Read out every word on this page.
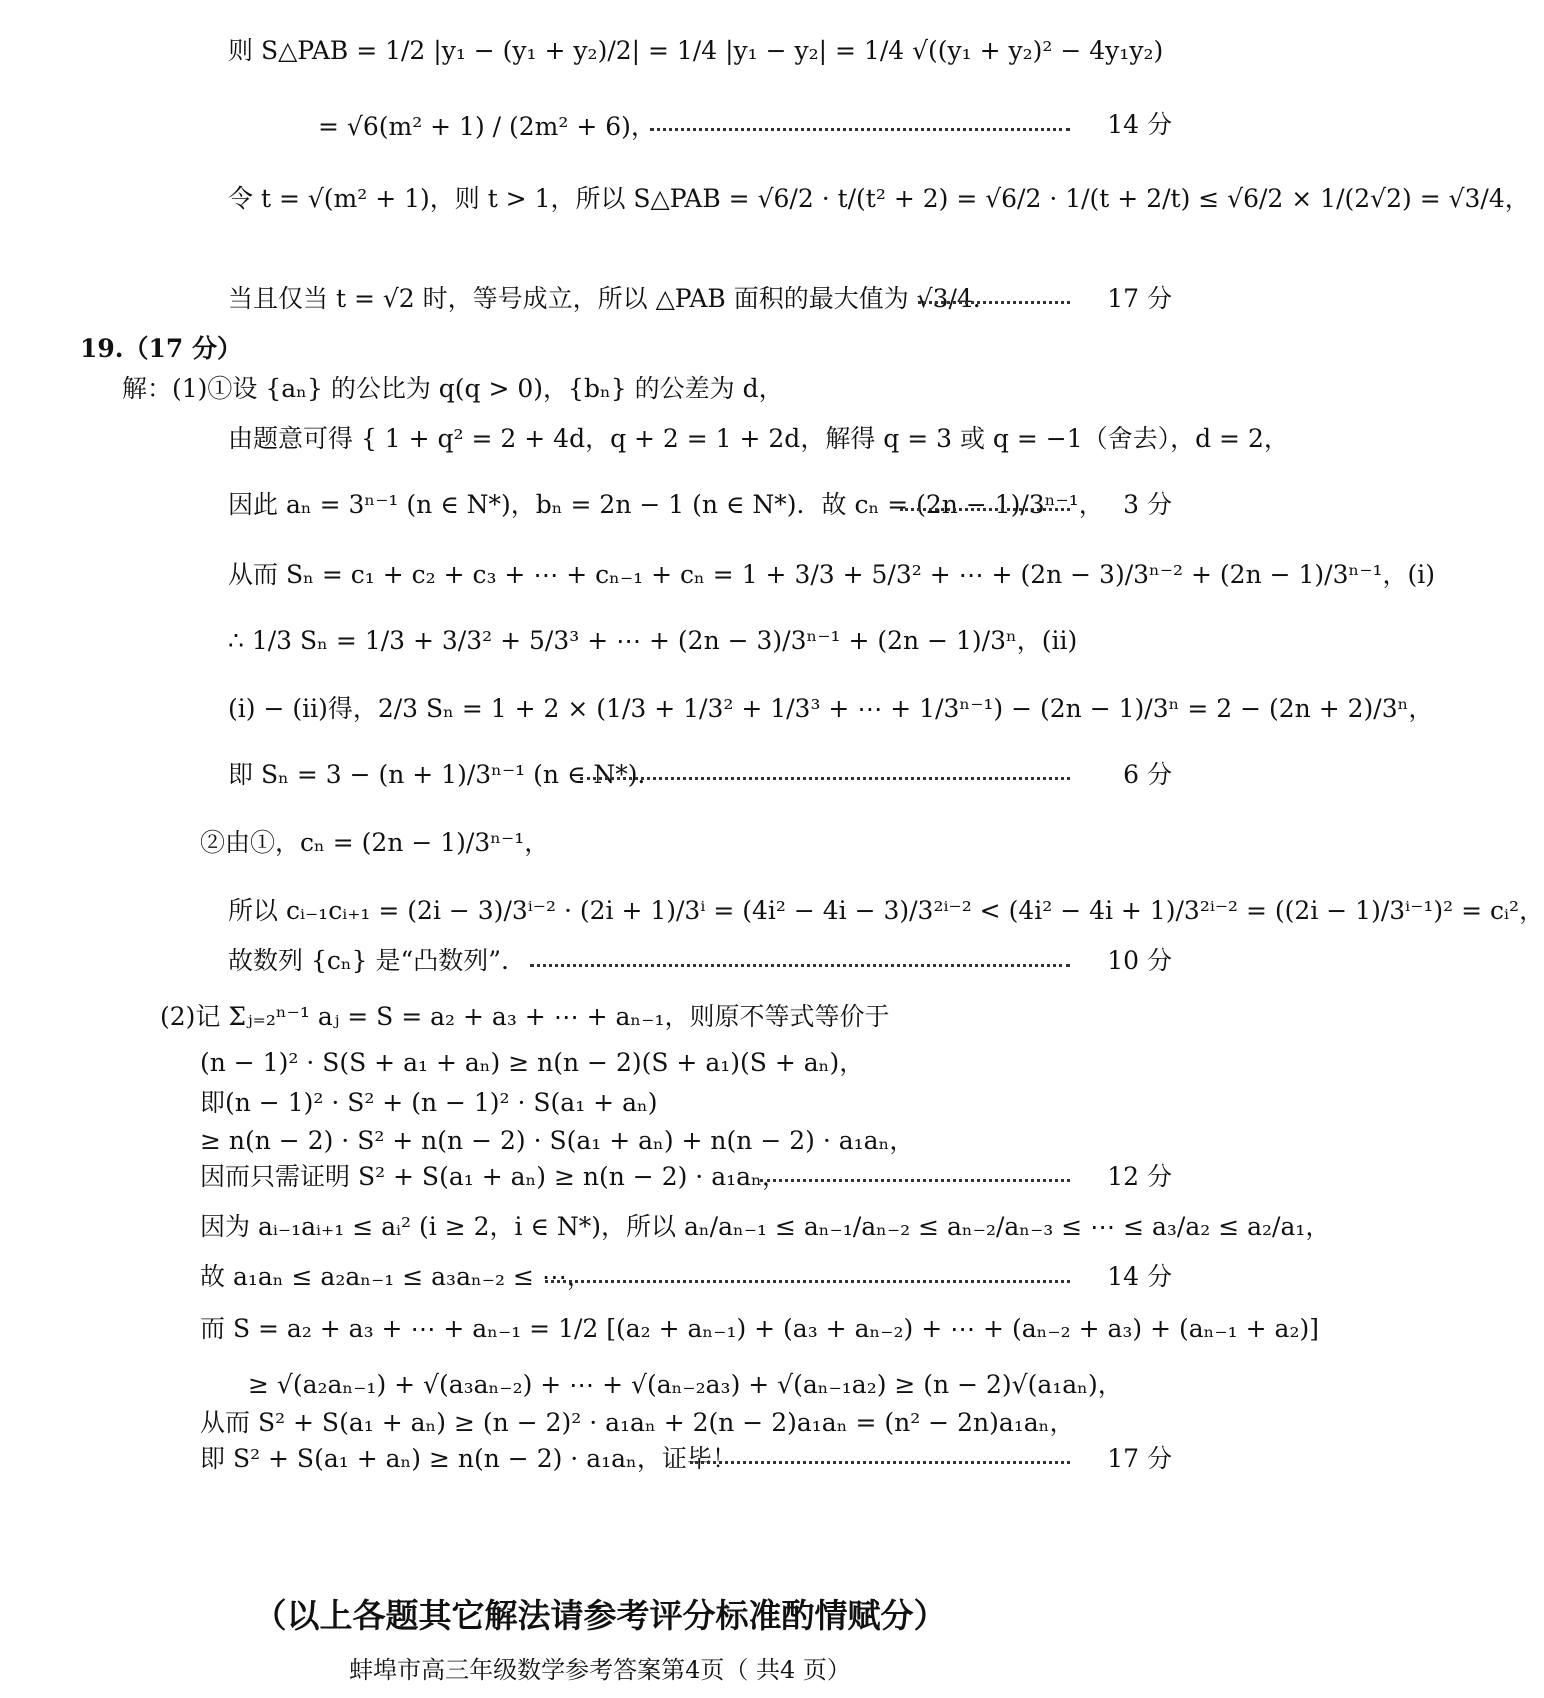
则 S△PAB = 1/2 |y₁ − (y₁ + y₂)/2| = 1/4 |y₁ − y₂| = 1/4 √((y₁ + y₂)² − 4y₁y₂)
= √6(m² + 1) / (2m² + 6)，	14 分
令 t = √(m² + 1)，则 t > 1，所以 S△PAB = √6/2 · t/(t² + 2) = √6/2 · 1/(t + 2/t) ≤ √6/2 × 1/(2√2) = √3/4，
当且仅当 t = √2 时，等号成立，所以 △PAB 面积的最大值为 √3/4.	17 分
19.（17 分）
解：(1)①设 {aₙ} 的公比为 q(q > 0)，{bₙ} 的公差为 d，
由题意可得 { 1 + q² = 2 + 4d，q + 2 = 1 + 2d，解得 q = 3 或 q = −1（舍去），d = 2，
因此 aₙ = 3ⁿ⁻¹ (n ∈ N*)，bₙ = 2n − 1 (n ∈ N*)．故 cₙ = (2n − 1)/3ⁿ⁻¹， 3 分
从而 Sₙ = c₁ + c₂ + c₃ + ⋯ + cₙ₋₁ + cₙ = 1 + 3/3 + 5/3² + ⋯ + (2n − 3)/3ⁿ⁻² + (2n − 1)/3ⁿ⁻¹，(i)
∴ 1/3 Sₙ = 1/3 + 3/3² + 5/3³ + ⋯ + (2n − 3)/3ⁿ⁻¹ + (2n − 1)/3ⁿ，(ii)
(i) − (ii)得，2/3 Sₙ = 1 + 2 × (1/3 + 1/3² + 1/3³ + ⋯ + 1/3ⁿ⁻¹) − (2n − 1)/3ⁿ = 2 − (2n + 2)/3ⁿ，
即 Sₙ = 3 − (n + 1)/3ⁿ⁻¹ (n ∈ N*)．	6 分
②由①，cₙ = (2n − 1)/3ⁿ⁻¹，
所以 cᵢ₋₁cᵢ₊₁ = (2i − 3)/3ⁱ⁻² · (2i + 1)/3ⁱ = (4i² − 4i − 3)/3²ⁱ⁻² < (4i² − 4i + 1)/3²ⁱ⁻² = ((2i − 1)/3ⁱ⁻¹)² = cᵢ²，
故数列 {cₙ} 是“凸数列”．	10 分
(2)记 Σⱼ₌₂ⁿ⁻¹ aⱼ = S = a₂ + a₃ + ⋯ + aₙ₋₁，则原不等式等价于
(n − 1)² · S(S + a₁ + aₙ) ≥ n(n − 2)(S + a₁)(S + aₙ)，
即(n − 1)² · S² + (n − 1)² · S(a₁ + aₙ)
≥ n(n − 2) · S² + n(n − 2) · S(a₁ + aₙ) + n(n − 2) · a₁aₙ，
因而只需证明 S² + S(a₁ + aₙ) ≥ n(n − 2) · a₁aₙ，	12 分
因为 aᵢ₋₁aᵢ₊₁ ≤ aᵢ² (i ≥ 2，i ∈ N*)，所以 aₙ/aₙ₋₁ ≤ aₙ₋₁/aₙ₋₂ ≤ aₙ₋₂/aₙ₋₃ ≤ ⋯ ≤ a₃/a₂ ≤ a₂/a₁，
故 a₁aₙ ≤ a₂aₙ₋₁ ≤ a₃aₙ₋₂ ≤ ⋯，	14 分
而 S = a₂ + a₃ + ⋯ + aₙ₋₁ = 1/2 [(a₂ + aₙ₋₁) + (a₃ + aₙ₋₂) + ⋯ + (aₙ₋₂ + a₃) + (aₙ₋₁ + a₂)]
≥ √(a₂aₙ₋₁) + √(a₃aₙ₋₂) + ⋯ + √(aₙ₋₂a₃) + √(aₙ₋₁a₂) ≥ (n − 2)√(a₁aₙ)，
从而 S² + S(a₁ + aₙ) ≥ (n − 2)² · a₁aₙ + 2(n − 2)a₁aₙ = (n² − 2n)a₁aₙ，
即 S² + S(a₁ + aₙ) ≥ n(n − 2) · a₁aₙ，证毕！	17 分
（以上各题其它解法请参考评分标准酌情赋分）
蚌埠市高三年级数学参考答案第4页（ 共4 页）
